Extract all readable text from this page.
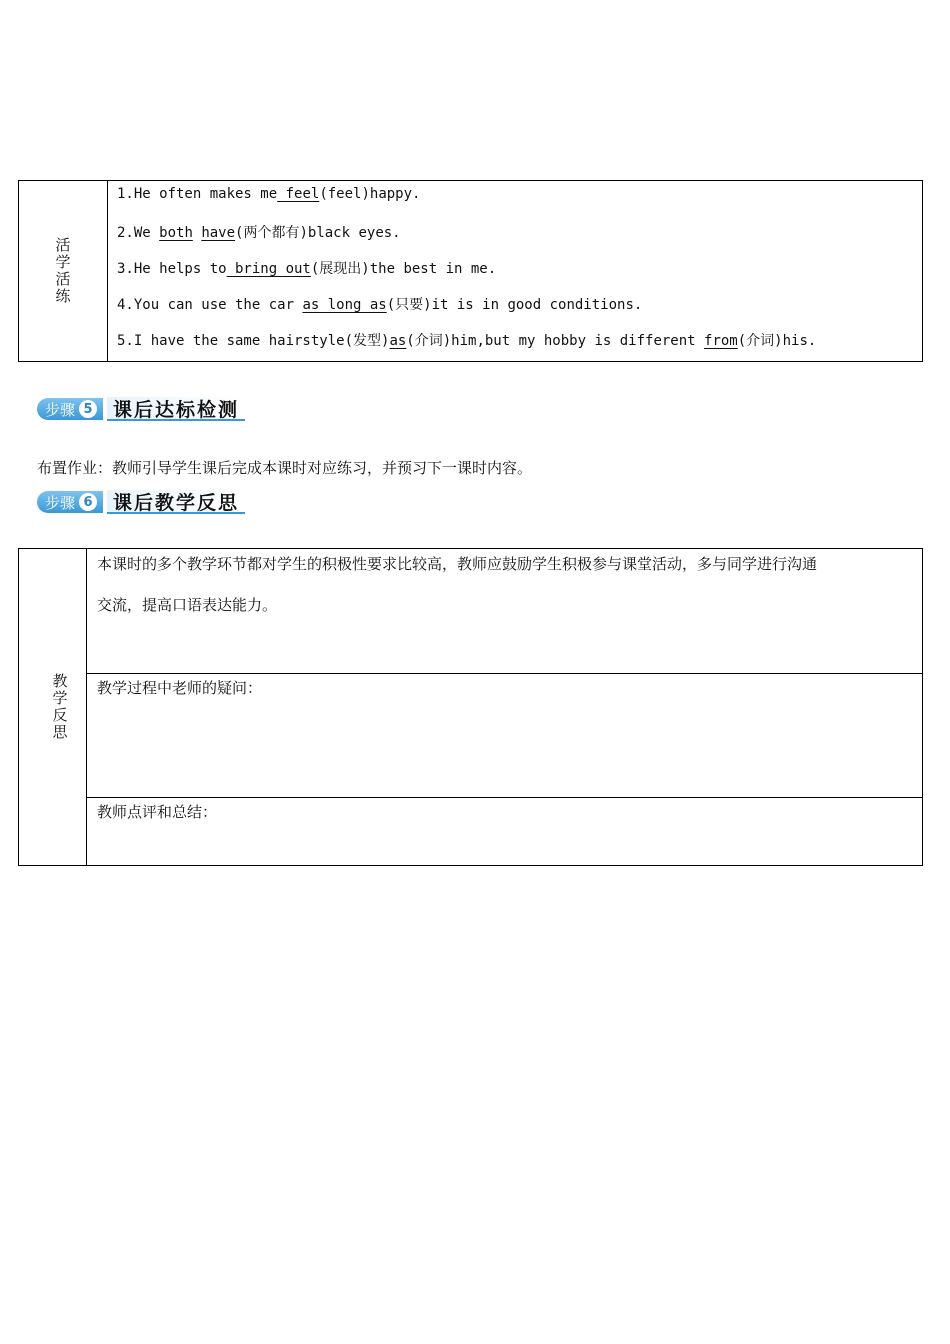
活学活练
1.He often makes me feel(feel)happy.
2.We both have(两个都有)black eyes.
3.He helps to bring out(展现出)the best in me.
4.You can use the car as long as(只要)it is in good conditions.
5.I have the same hairstyle(发型)as(介词)him,but my hobby is different from(介词)his.
步骤 5	课后达标检测
布置作业：教师引导学生课后完成本课时对应练习，并预习下一课时内容。
步骤 6	课后教学反思
教学反思
本课时的多个教学环节都对学生的积极性要求比较高，教师应鼓励学生积极参与课堂活动，多与同学进行沟通
交流，提高口语表达能力。
教学过程中老师的疑问：
教师点评和总结：
